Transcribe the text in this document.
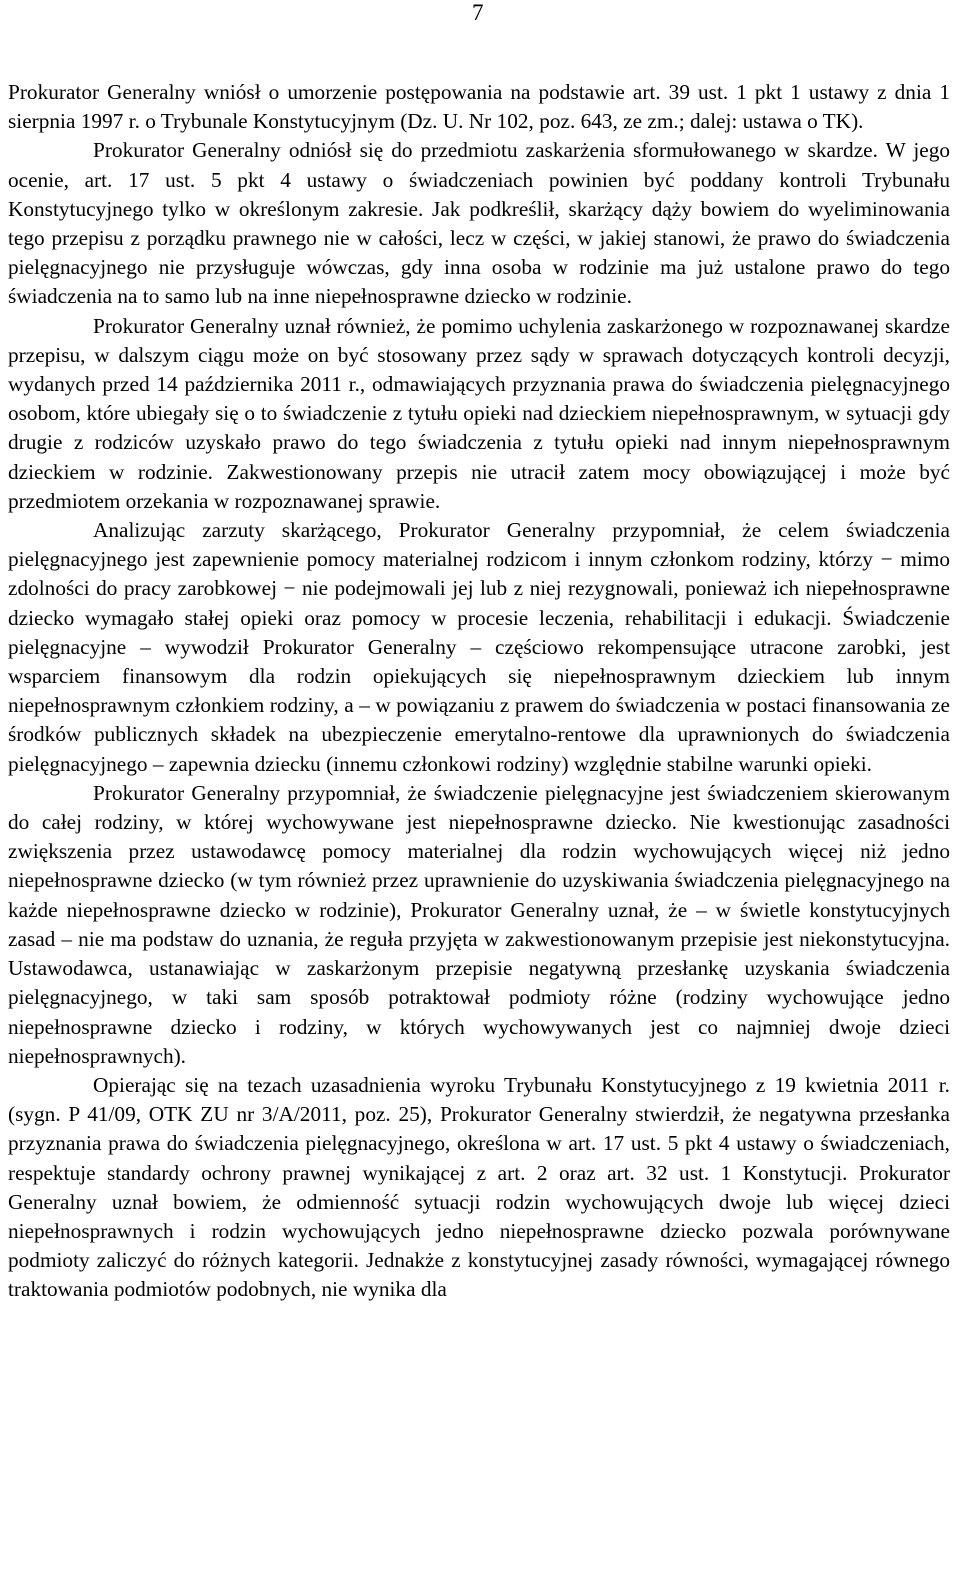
7

Prokurator Generalny wniósł o umorzenie postępowania na podstawie art. 39 ust. 1 pkt 1 ustawy z dnia 1 sierpnia 1997 r. o Trybunale Konstytucyjnym (Dz. U. Nr 102, poz. 643, ze zm.; dalej: ustawa o TK).

Prokurator Generalny odniósł się do przedmiotu zaskarżenia sformułowanego w skardze. W jego ocenie, art. 17 ust. 5 pkt 4 ustawy o świadczeniach powinien być poddany kontroli Trybunału Konstytucyjnego tylko w określonym zakresie. Jak podkreślił, skarżący dąży bowiem do wyeliminowania tego przepisu z porządku prawnego nie w całości, lecz w części, w jakiej stanowi, że prawo do świadczenia pielęgnacyjnego nie przysługuje wówczas, gdy inna osoba w rodzinie ma już ustalone prawo do tego świadczenia na to samo lub na inne niepełnosprawne dziecko w rodzinie.

Prokurator Generalny uznał również, że pomimo uchylenia zaskarżonego w rozpoznawanej skardze przepisu, w dalszym ciągu może on być stosowany przez sądy w sprawach dotyczących kontroli decyzji, wydanych przed 14 października 2011 r., odmawiających przyznania prawa do świadczenia pielęgnacyjnego osobom, które ubiegały się o to świadczenie z tytułu opieki nad dzieckiem niepełnosprawnym, w sytuacji gdy drugie z rodziców uzyskało prawo do tego świadczenia z tytułu opieki nad innym niepełnosprawnym dzieckiem w rodzinie. Zakwestionowany przepis nie utracił zatem mocy obowiązującej i może być przedmiotem orzekania w rozpoznawanej sprawie.

Analizując zarzuty skarżącego, Prokurator Generalny przypomniał, że celem świadczenia pielęgnacyjnego jest zapewnienie pomocy materialnej rodzicom i innym członkom rodziny, którzy − mimo zdolności do pracy zarobkowej − nie podejmowali jej lub z niej rezygnowali, ponieważ ich niepełnosprawne dziecko wymagało stałej opieki oraz pomocy w procesie leczenia, rehabilitacji i edukacji. Świadczenie pielęgnacyjne – wywodził Prokurator Generalny – częściowo rekompensujące utracone zarobki, jest wsparciem finansowym dla rodzin opiekujących się niepełnosprawnym dzieckiem lub innym niepełnosprawnym członkiem rodziny, a – w powiązaniu z prawem do świadczenia w postaci finansowania ze środków publicznych składek na ubezpieczenie emerytalno-rentowe dla uprawnionych do świadczenia pielęgnacyjnego – zapewnia dziecku (innemu członkowi rodziny) względnie stabilne warunki opieki.

Prokurator Generalny przypomniał, że świadczenie pielęgnacyjne jest świadczeniem skierowanym do całej rodziny, w której wychowywane jest niepełnosprawne dziecko. Nie kwestionując zasadności zwiększenia przez ustawodawcę pomocy materialnej dla rodzin wychowujących więcej niż jedno niepełnosprawne dziecko (w tym również przez uprawnienie do uzyskiwania świadczenia pielęgnacyjnego na każde niepełnosprawne dziecko w rodzinie), Prokurator Generalny uznał, że – w świetle konstytucyjnych zasad – nie ma podstaw do uznania, że reguła przyjęta w zakwestionowanym przepisie jest niekonstytucyjna. Ustawodawca, ustanawiając w zaskarżonym przepisie negatywną przesłankę uzyskania świadczenia pielęgnacyjnego, w taki sam sposób potraktował podmioty różne (rodziny wychowujące jedno niepełnosprawne dziecko i rodziny, w których wychowywanych jest co najmniej dwoje dzieci niepełnosprawnych).

Opierając się na tezach uzasadnienia wyroku Trybunału Konstytucyjnego z 19 kwietnia 2011 r. (sygn. P 41/09, OTK ZU nr 3/A/2011, poz. 25), Prokurator Generalny stwierdził, że negatywna przesłanka przyznania prawa do świadczenia pielęgnacyjnego, określona w art. 17 ust. 5 pkt 4 ustawy o świadczeniach, respektuje standardy ochrony prawnej wynikającej z art. 2 oraz art. 32 ust. 1 Konstytucji. Prokurator Generalny uznał bowiem, że odmienność sytuacji rodzin wychowujących dwoje lub więcej dzieci niepełnosprawnych i rodzin wychowujących jedno niepełnosprawne dziecko pozwala porównywane podmioty zaliczyć do różnych kategorii. Jednakże z konstytucyjnej zasady równości, wymagającej równego traktowania podmiotów podobnych, nie wynika dla
